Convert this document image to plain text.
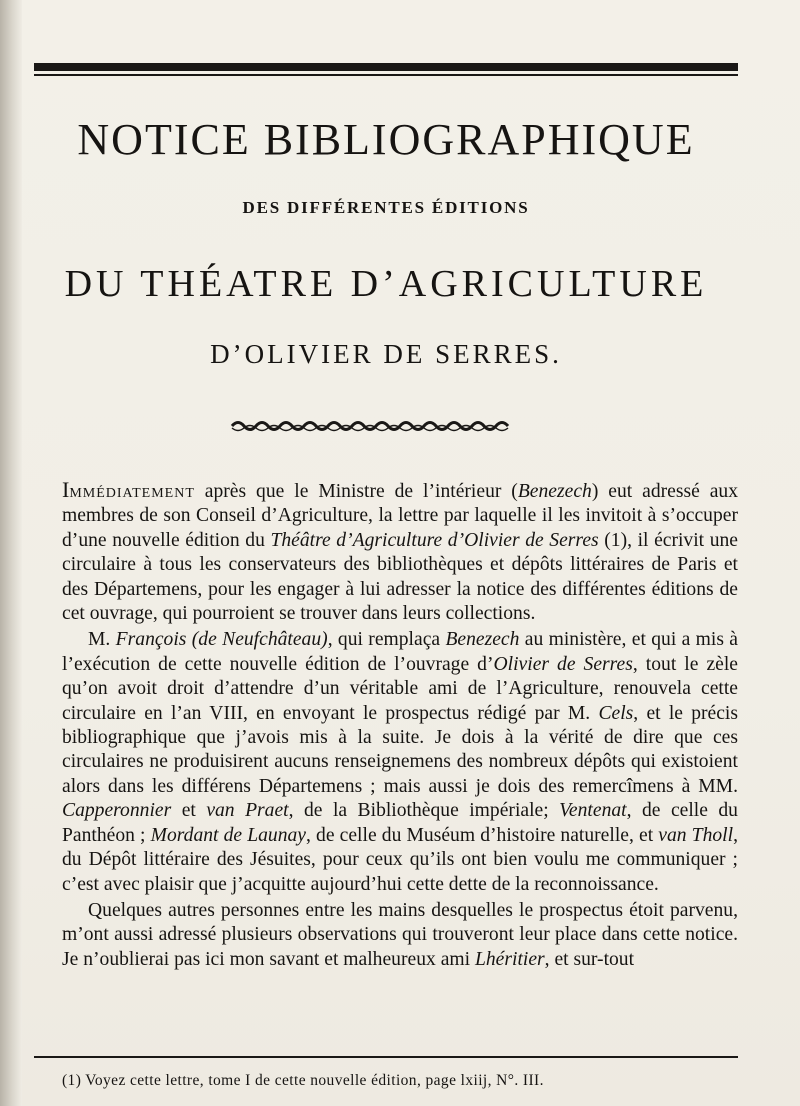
NOTICE BIBLIOGRAPHIQUE
DES DIFFÉRENTES ÉDITIONS
DU THÉATRE D’AGRICULTURE
D’OLIVIER DE SERRES.

Immédiatement après que le Ministre de l’intérieur (Benezech) eut adressé aux membres de son Conseil d’Agriculture, la lettre par laquelle il les invitoit à s’occuper d’une nouvelle édition du Théâtre d’Agriculture d’Olivier de Serres (1), il écrivit une circulaire à tous les conservateurs des bibliothèques et dépôts littéraires de Paris et des Départemens, pour les engager à lui adresser la notice des différentes éditions de cet ouvrage, qui pourroient se trouver dans leurs collections.

M. François (de Neufchâteau), qui remplaça Benezech au ministère, et qui a mis à l’exécution de cette nouvelle édition de l’ouvrage d’Olivier de Serres, tout le zèle qu’on avoit droit d’attendre d’un véritable ami de l’Agriculture, renouvela cette circulaire en l’an VIII, en envoyant le prospectus rédigé par M. Cels, et le précis bibliographique que j’avois mis à la suite. Je dois à la vérité de dire que ces circulaires ne produisirent aucuns renseignemens des nombreux dépôts qui existoient alors dans les différens Départemens ; mais aussi je dois des remercîmens à MM. Capperonnier et van Praet, de la Bibliothèque impériale; Ventenat, de celle du Panthéon ; Mordant de Launay, de celle du Muséum d’histoire naturelle, et van Tholl, du Dépôt littéraire des Jésuites, pour ceux qu’ils ont bien voulu me communiquer ; c’est avec plaisir que j’acquitte aujourd’hui cette dette de la reconnoissance.

Quelques autres personnes entre les mains desquelles le prospectus étoit parvenu, m’ont aussi adressé plusieurs observations qui trouveront leur place dans cette notice. Je n’oublierai pas ici mon savant et malheureux ami Lhéritier, et sur-tout

(1) Voyez cette lettre, tome I de cette nouvelle édition, page lxiij, N°. III.
